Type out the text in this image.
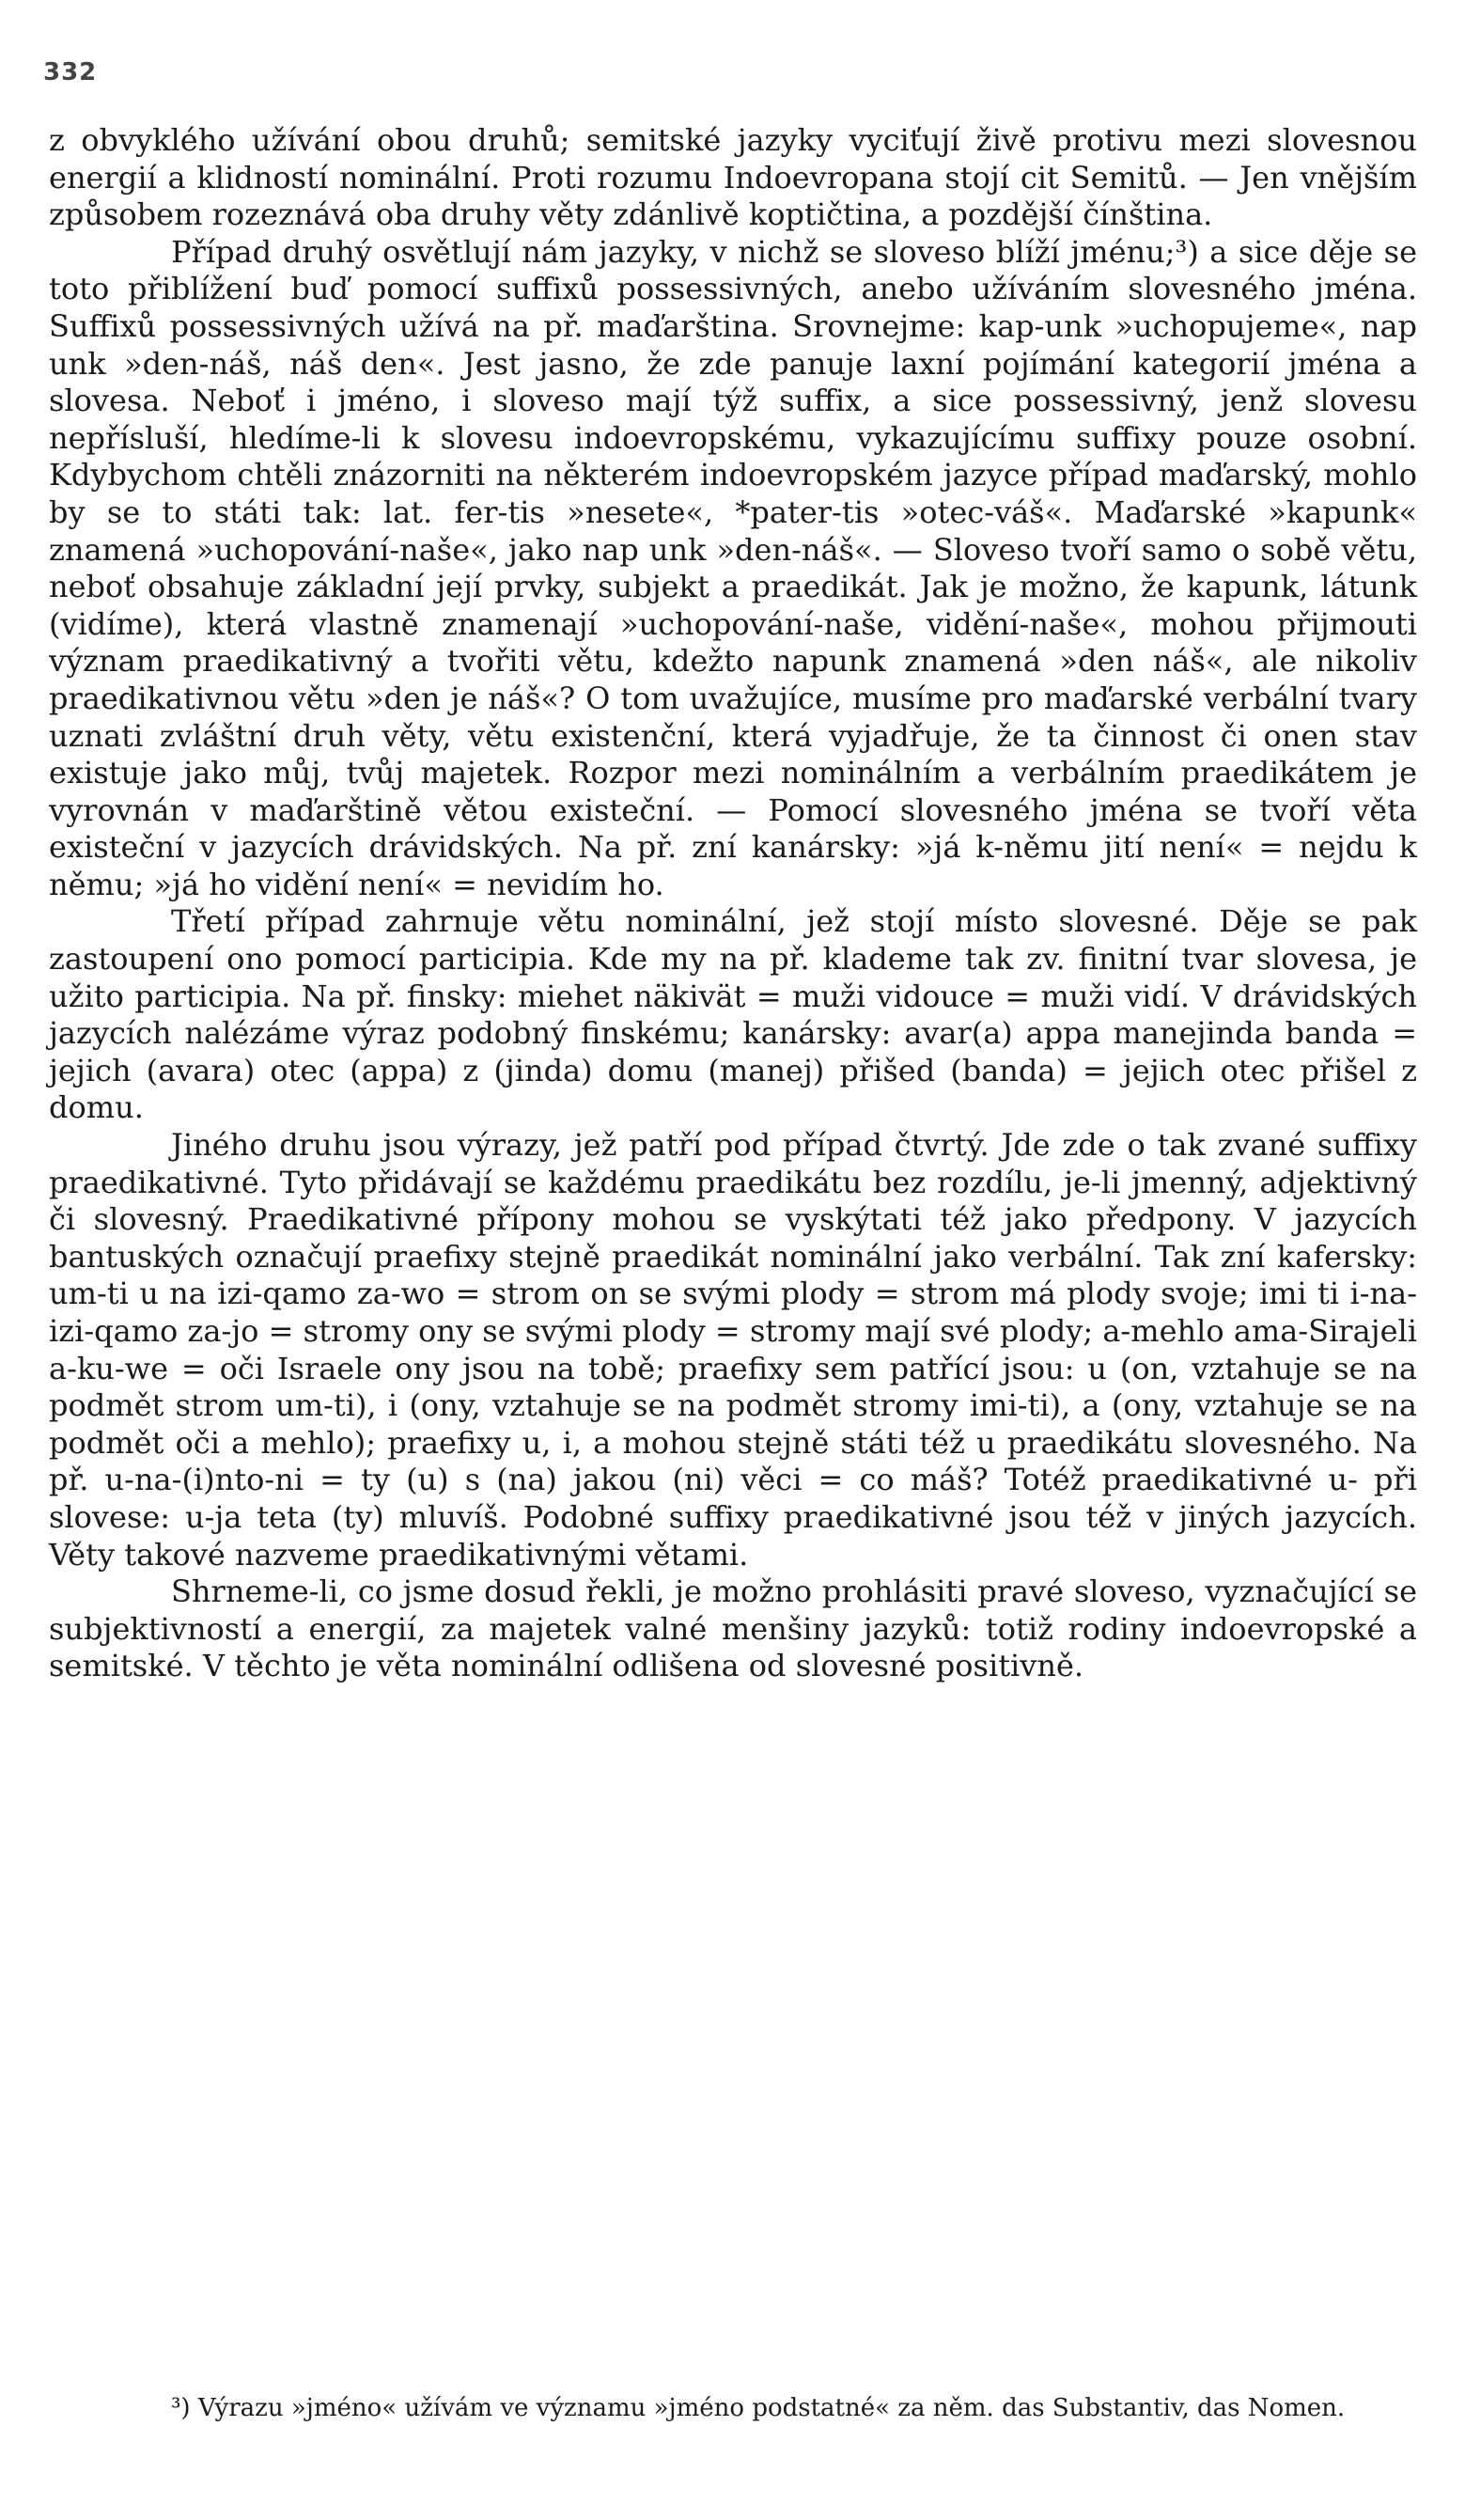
332

z obvyklého užívání obou druhů; semitské jazyky vyciťují živě protivu mezi slovesnou energií a klidností nominální. Proti rozumu Indoevropana stojí cit Semitů. — Jen vnějším způsobem rozeznává oba druhy věty zdánlivě koptičtina, a pozdější čínština.

Případ druhý osvětlují nám jazyky, v nichž se sloveso blíží jménu;³) a sice děje se toto přiblížení buď pomocí suffixů possessivných, anebo užíváním slovesného jména. Suffixů possessivných užívá na př. maďarština. Srovnejme: kap-unk »uchopujeme«, nap unk »den-náš, náš den«. Jest jasno, že zde panuje laxní pojímání kategorií jména a slovesa. Neboť i jméno, i sloveso mají týž suffix, a sice possessivný, jenž slovesu nepřísluší, hledíme-li k slovesu indoevropskému, vykazujícímu suffixy pouze osobní. Kdybychom chtěli znázorniti na některém indoevropském jazyce případ maďarský, mohlo by se to státi tak: lat. fer-tis »nesete«, *pater-tis »otec-váš«. Maďarské »kapunk« znamená »uchopování-naše«, jako nap unk »den-náš«. — Sloveso tvoří samo o sobě větu, neboť obsahuje základní její prvky, subjekt a praedikát. Jak je možno, že kapunk, látunk (vidíme), která vlastně znamenají »uchopování-naše, vidění-naše«, mohou přijmouti význam praedikativný a tvořiti větu, kdežto napunk znamená »den náš«, ale nikoliv praedikativnou větu »den je náš«? O tom uvažujíce, musíme pro maďarské verbální tvary uznati zvláštní druh věty, větu existenční, která vyjadřuje, že ta činnost či onen stav existuje jako můj, tvůj majetek. Rozpor mezi nominálním a verbálním praedikátem je vyrovnán v maďarštině větou existeční. — Pomocí slovesného jména se tvoří věta existeční v jazycích drávidských. Na př. zní kanársky: »já k-němu jití není« = nejdu k němu; »já ho vidění není« = nevidím ho.

Třetí případ zahrnuje větu nominální, jež stojí místo slovesné. Děje se pak zastoupení ono pomocí participia. Kde my na př. klademe tak zv. finitní tvar slovesa, je užito participia. Na př. finsky: miehet näkivät = muži vidouce = muži vidí. V drávidských jazycích nalézáme výraz podobný finskému; kanársky: avar(a) appa manejinda banda = jejich (avara) otec (appa) z (jinda) domu (manej) přišed (banda) = jejich otec přišel z domu.

Jiného druhu jsou výrazy, jež patří pod případ čtvrtý. Jde zde o tak zvané suffixy praedikativné. Tyto přidávají se každému praedikátu bez rozdílu, je-li jmenný, adjektivný či slovesný. Praedikativné přípony mohou se vyskýtati též jako předpony. V jazycích bantuských označují praefixy stejně praedikát nominální jako verbální. Tak zní kafersky: um-ti u na izi-qamo za-wo = strom on se svými plody = strom má plody svoje; imi ti i-na-izi-qamo za-jo = stromy ony se svými plody = stromy mají své plody; a-mehlo ama-Sirajeli a-ku-we = oči Israele ony jsou na tobě; praefixy sem patřící jsou: u (on, vztahuje se na podmět strom um-ti), i (ony, vztahuje se na podmět stromy imi-ti), a (ony, vztahuje se na podmět oči a mehlo); praefixy u, i, a mohou stejně státi též u praedikátu slovesného. Na př. u-na-(i)nto-ni = ty (u) s (na) jakou (ni) věci = co máš? Totéž praedikativné u- při slovese: u-ja teta (ty) mluvíš. Podobné suffixy praedikativné jsou též v jiných jazycích. Věty takové nazveme praedikativnými větami.

Shrneme-li, co jsme dosud řekli, je možno prohlásiti pravé sloveso, vyznačující se subjektivností a energií, za majetek valné menšiny jazyků: totiž rodiny indoevropské a semitské. V těchto je věta nominální odlišena od slovesné positivně.

³) Výrazu »jméno« užívám ve významu »jméno podstatné« za něm. das Substantiv, das Nomen.
